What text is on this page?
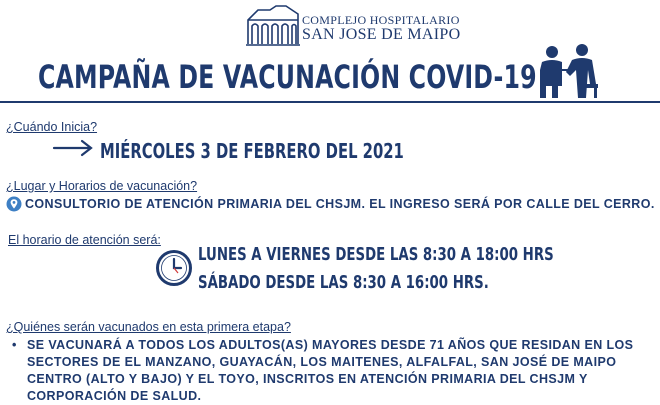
COMPLEJO HOSPITALARIO
SAN JOSE DE MAIPO
CAMPAÑA DE VACUNACIÓN COVID-19
¿Cuándo Inicia?
MIÉRCOLES 3 DE FEBRERO DEL 2021
¿Lugar y Horarios de vacunación?
CONSULTORIO DE ATENCIÓN PRIMARIA DEL CHSJM. EL INGRESO SERÁ POR CALLE DEL CERRO.
El horario de atención será:
LUNES A VIERNES DESDE LAS 8:30 A 18:00 HRS
SÁBADO DESDE LAS 8:30 A 16:00 HRS.
¿Quiénes serán vacunados en esta primera etapa?
• SE VACUNARÁ A TODOS LOS ADULTOS(AS) MAYORES DESDE 71 AÑOS QUE RESIDAN EN LOS SECTORES DE EL MANZANO, GUAYACÁN, LOS MAITENES, ALFALFAL, SAN JOSÉ DE MAIPO CENTRO (ALTO Y BAJO) Y EL TOYO, INSCRITOS EN ATENCIÓN PRIMARIA DEL CHSJM Y CORPORACIÓN DE SALUD.
